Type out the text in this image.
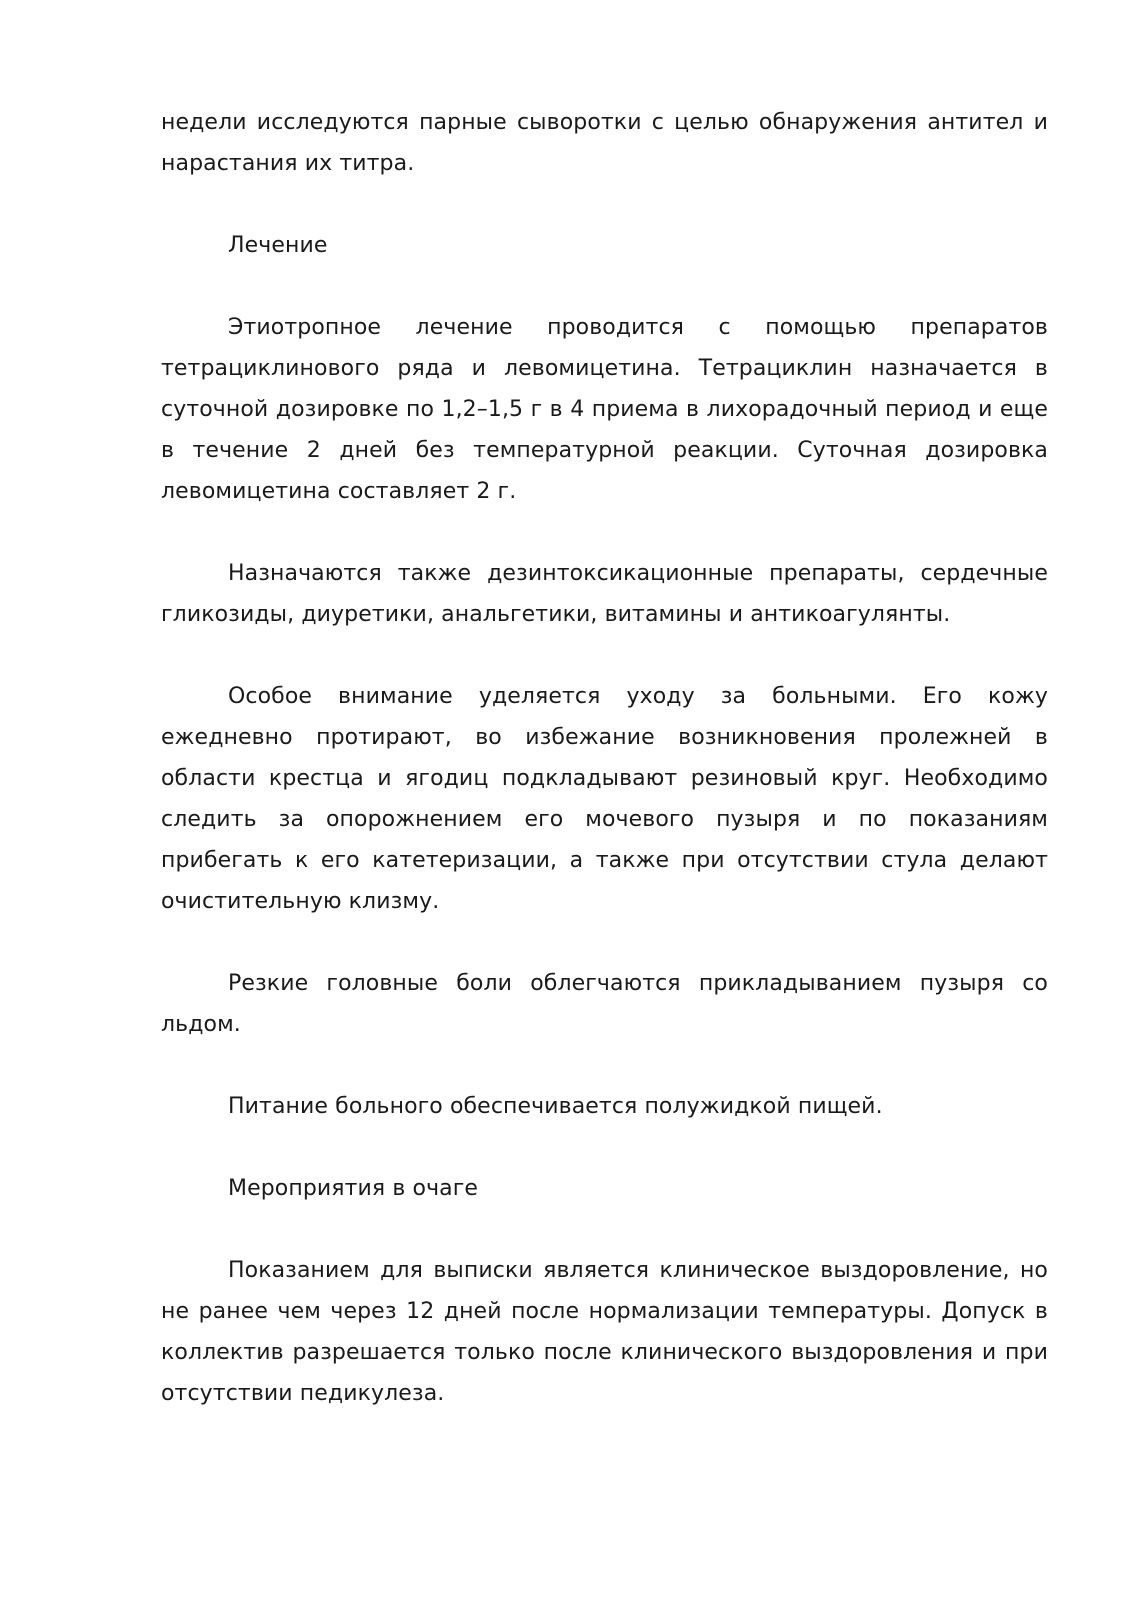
недели исследуются парные сыворотки с целью обнаружения антител и нарастания их титра.

Лечение

Этиотропное лечение проводится с помощью препаратов тетрациклинового ряда и левомицетина. Тетрациклин назначается в суточной дозировке по 1,2–1,5 г в 4 приема в лихорадочный период и еще в течение 2 дней без температурной реакции. Суточная дозировка левомицетина составляет 2 г.

Назначаются также дезинтоксикационные препараты, сердечные гликозиды, диуретики, анальгетики, витамины и антикоагулянты.

Особое внимание уделяется уходу за больными. Его кожу ежедневно протирают, во избежание возникновения пролежней в области крестца и ягодиц подкладывают резиновый круг. Необходимо следить за опорожнением его мочевого пузыря и по показаниям прибегать к его катетеризации, а также при отсутствии стула делают очистительную клизму.

Резкие головные боли облегчаются прикладыванием пузыря со льдом.

Питание больного обеспечивается полужидкой пищей.

Мероприятия в очаге

Показанием для выписки является клиническое выздоровление, но не ранее чем через 12 дней после нормализации температуры. Допуск в коллектив разрешается только после клинического выздоровления и при отсутствии педикулеза.
